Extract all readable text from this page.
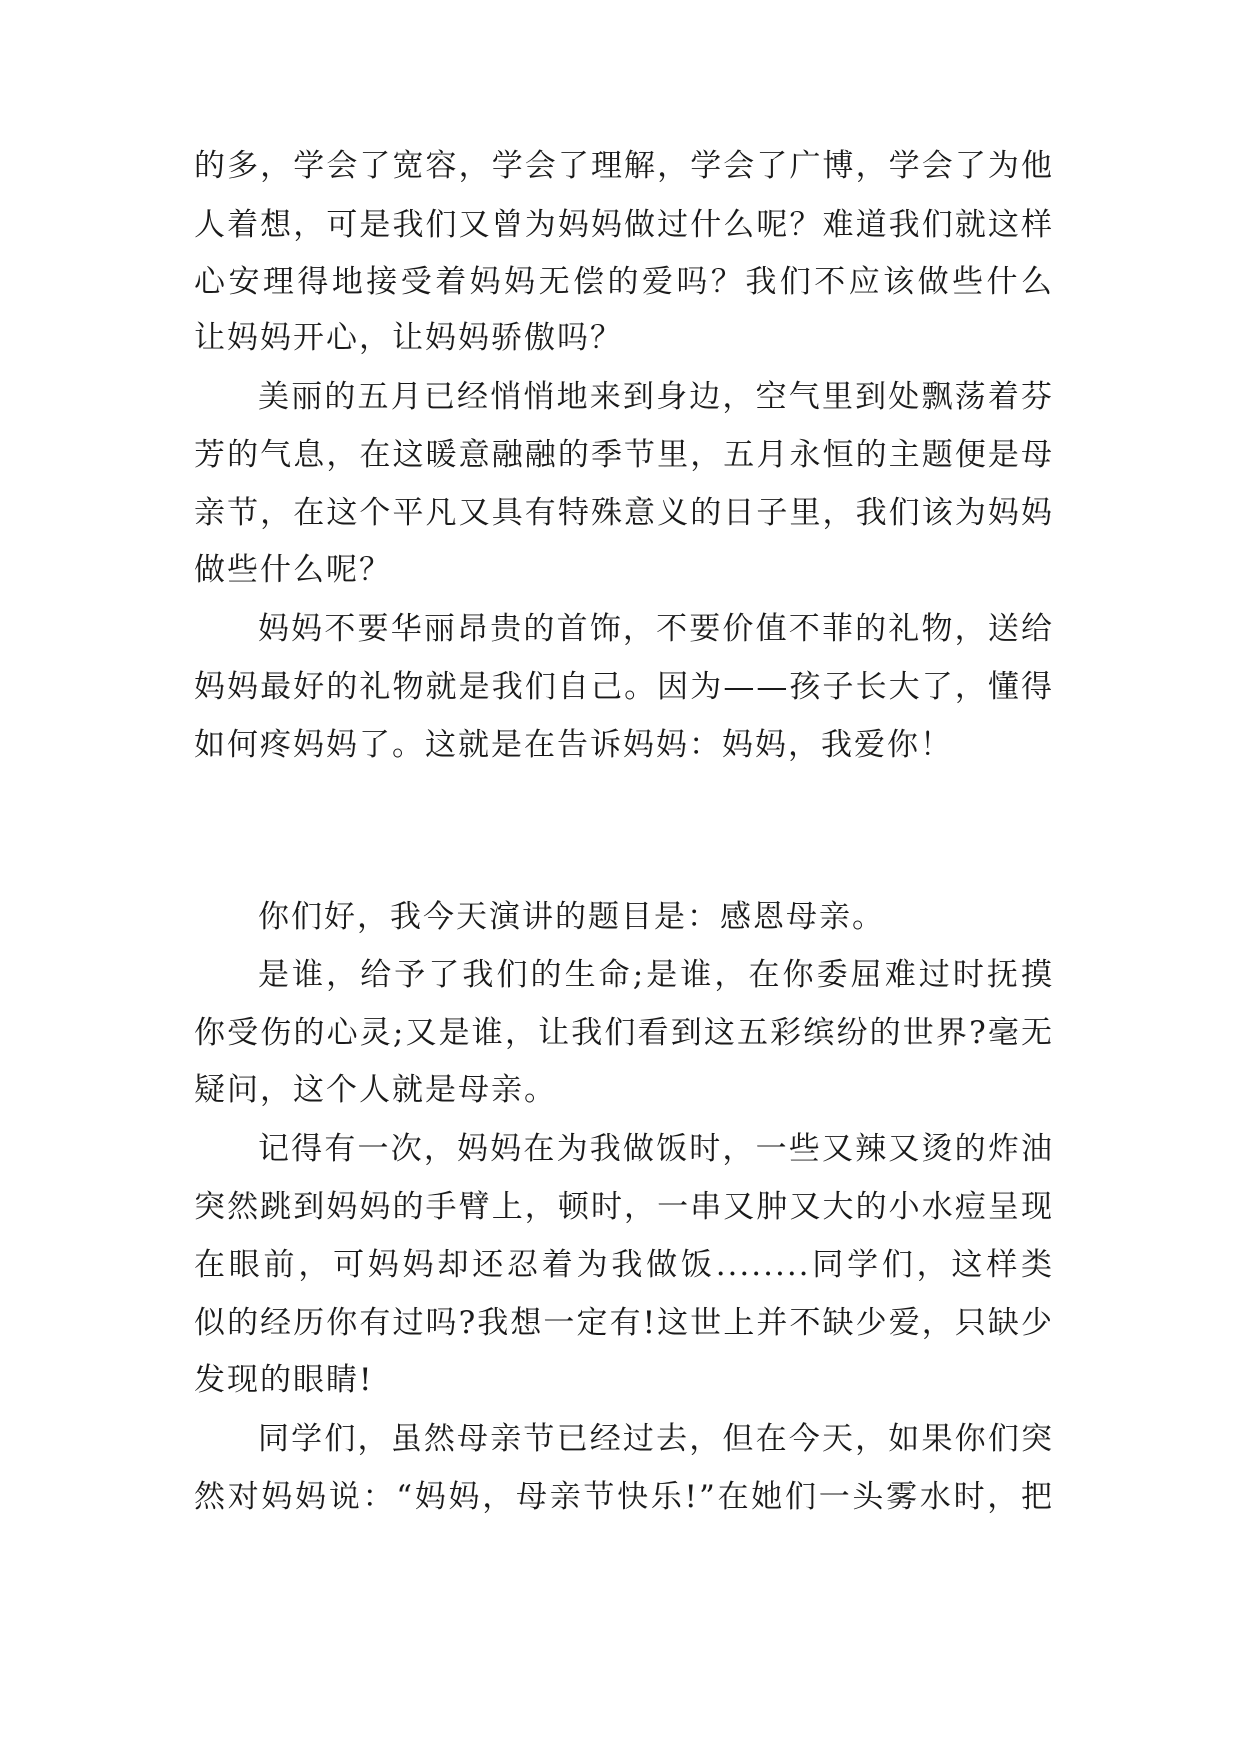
的多，学会了宽容，学会了理解，学会了广博，学会了为他
人着想，可是我们又曾为妈妈做过什么呢？难道我们就这样
心安理得地接受着妈妈无偿的爱吗？我们不应该做些什么
让妈妈开心，让妈妈骄傲吗？
美丽的五月已经悄悄地来到身边，空气里到处飘荡着芬
芳的气息，在这暖意融融的季节里，五月永恒的主题便是母
亲节，在这个平凡又具有特殊意义的日子里，我们该为妈妈
做些什么呢？
妈妈不要华丽昂贵的首饰，不要价值不菲的礼物，送给
妈妈最好的礼物就是我们自己。因为——孩子长大了，懂得
如何疼妈妈了。这就是在告诉妈妈：妈妈，我爱你！
你们好，我今天演讲的题目是：感恩母亲。
是谁，给予了我们的生命;是谁，在你委屈难过时抚摸
你受伤的心灵;又是谁，让我们看到这五彩缤纷的世界?毫无
疑问，这个人就是母亲。
记得有一次，妈妈在为我做饭时，一些又辣又烫的炸油
突然跳到妈妈的手臂上，顿时，一串又肿又大的小水痘呈现
在眼前，可妈妈却还忍着为我做饭........同学们，这样类
似的经历你有过吗?我想一定有!这世上并不缺少爱，只缺少
发现的眼睛!
同学们，虽然母亲节已经过去，但在今天，如果你们突
然对妈妈说：“妈妈，母亲节快乐!”在她们一头雾水时，把
